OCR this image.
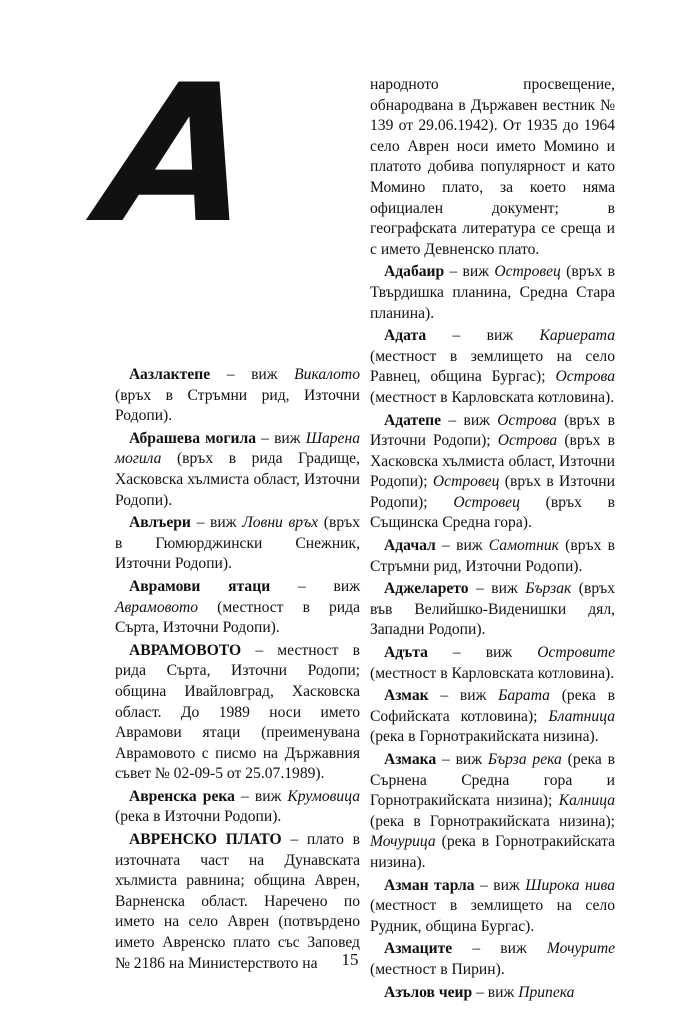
А

Аазлактепе – виж Викалото (връх в Стръмни рид, Източни Родопи).

Абрашева могила – виж Шарена могила (връх в рида Градище, Хасковска хълмиста област, Източни Родопи).

Авлъери – виж Ловни връх (връх в Гюмюрджински Снежник, Източни Родопи).

Аврамови ятаци – виж Аврамовото (местност в рида Сърта, Източни Родопи).

АВРАМОВОТО – местност в рида Сърта, Източни Родопи; община Ивайловград, Хасковска област. До 1989 носи името Аврамови ятаци (преименувана Аврамовото с писмо на Държавния съвет № 02-09-5 от 25.07.1989).

Авренска река – виж Крумовица (река в Източни Родопи).

АВРЕНСКО ПЛАТО – плато в източната част на Дунавската хълмиста равнина; община Аврен, Варненска област. Наречено по името на село Аврен (потвърдено името Авренско плато със Заповед № 2186 на Министерството на

народното просвещение, обнародвана в Държавен вестник № 139 от 29.06.1942). От 1935 до 1964 село Аврен носи името Момино и платото добива популярност и като Момино плато, за което няма официален документ; в географската литература се среща и с името Девненско плато.

Адабаир – виж Островец (връх в Твърдишка планина, Средна Стара планина).

Адата – виж Кариерата (местност в землището на село Равнец, община Бургас); Острова (местност в Карловската котловина).

Адатепе – виж Острова (връх в Източни Родопи); Острова (връх в Хасковска хълмиста област, Източни Родопи); Островец (връх в Източни Родопи); Островец (връх в Същинска Средна гора).

Адачал – виж Самотник (връх в Стръмни рид, Източни Родопи).

Аджеларето – виж Бързак (връх във Велийшко-Виденишки дял, Западни Родопи).

Адъта – виж Островите (местност в Карловската котловина).

Азмак – виж Барата (река в Софийската котловина); Блатница (река в Горнотракийската низина).

Азмака – виж Бърза река (река в Сърнена Средна гора и Горнотракийската низина); Калница (река в Горнотракийската низина); Мочурица (река в Горнотракийската низина).

Азман тарла – виж Широка нива (местност в землището на село Рудник, община Бургас).

Азмаците – виж Мочурите (местност в Пирин).

Азълов чеир – виж Припека

15
